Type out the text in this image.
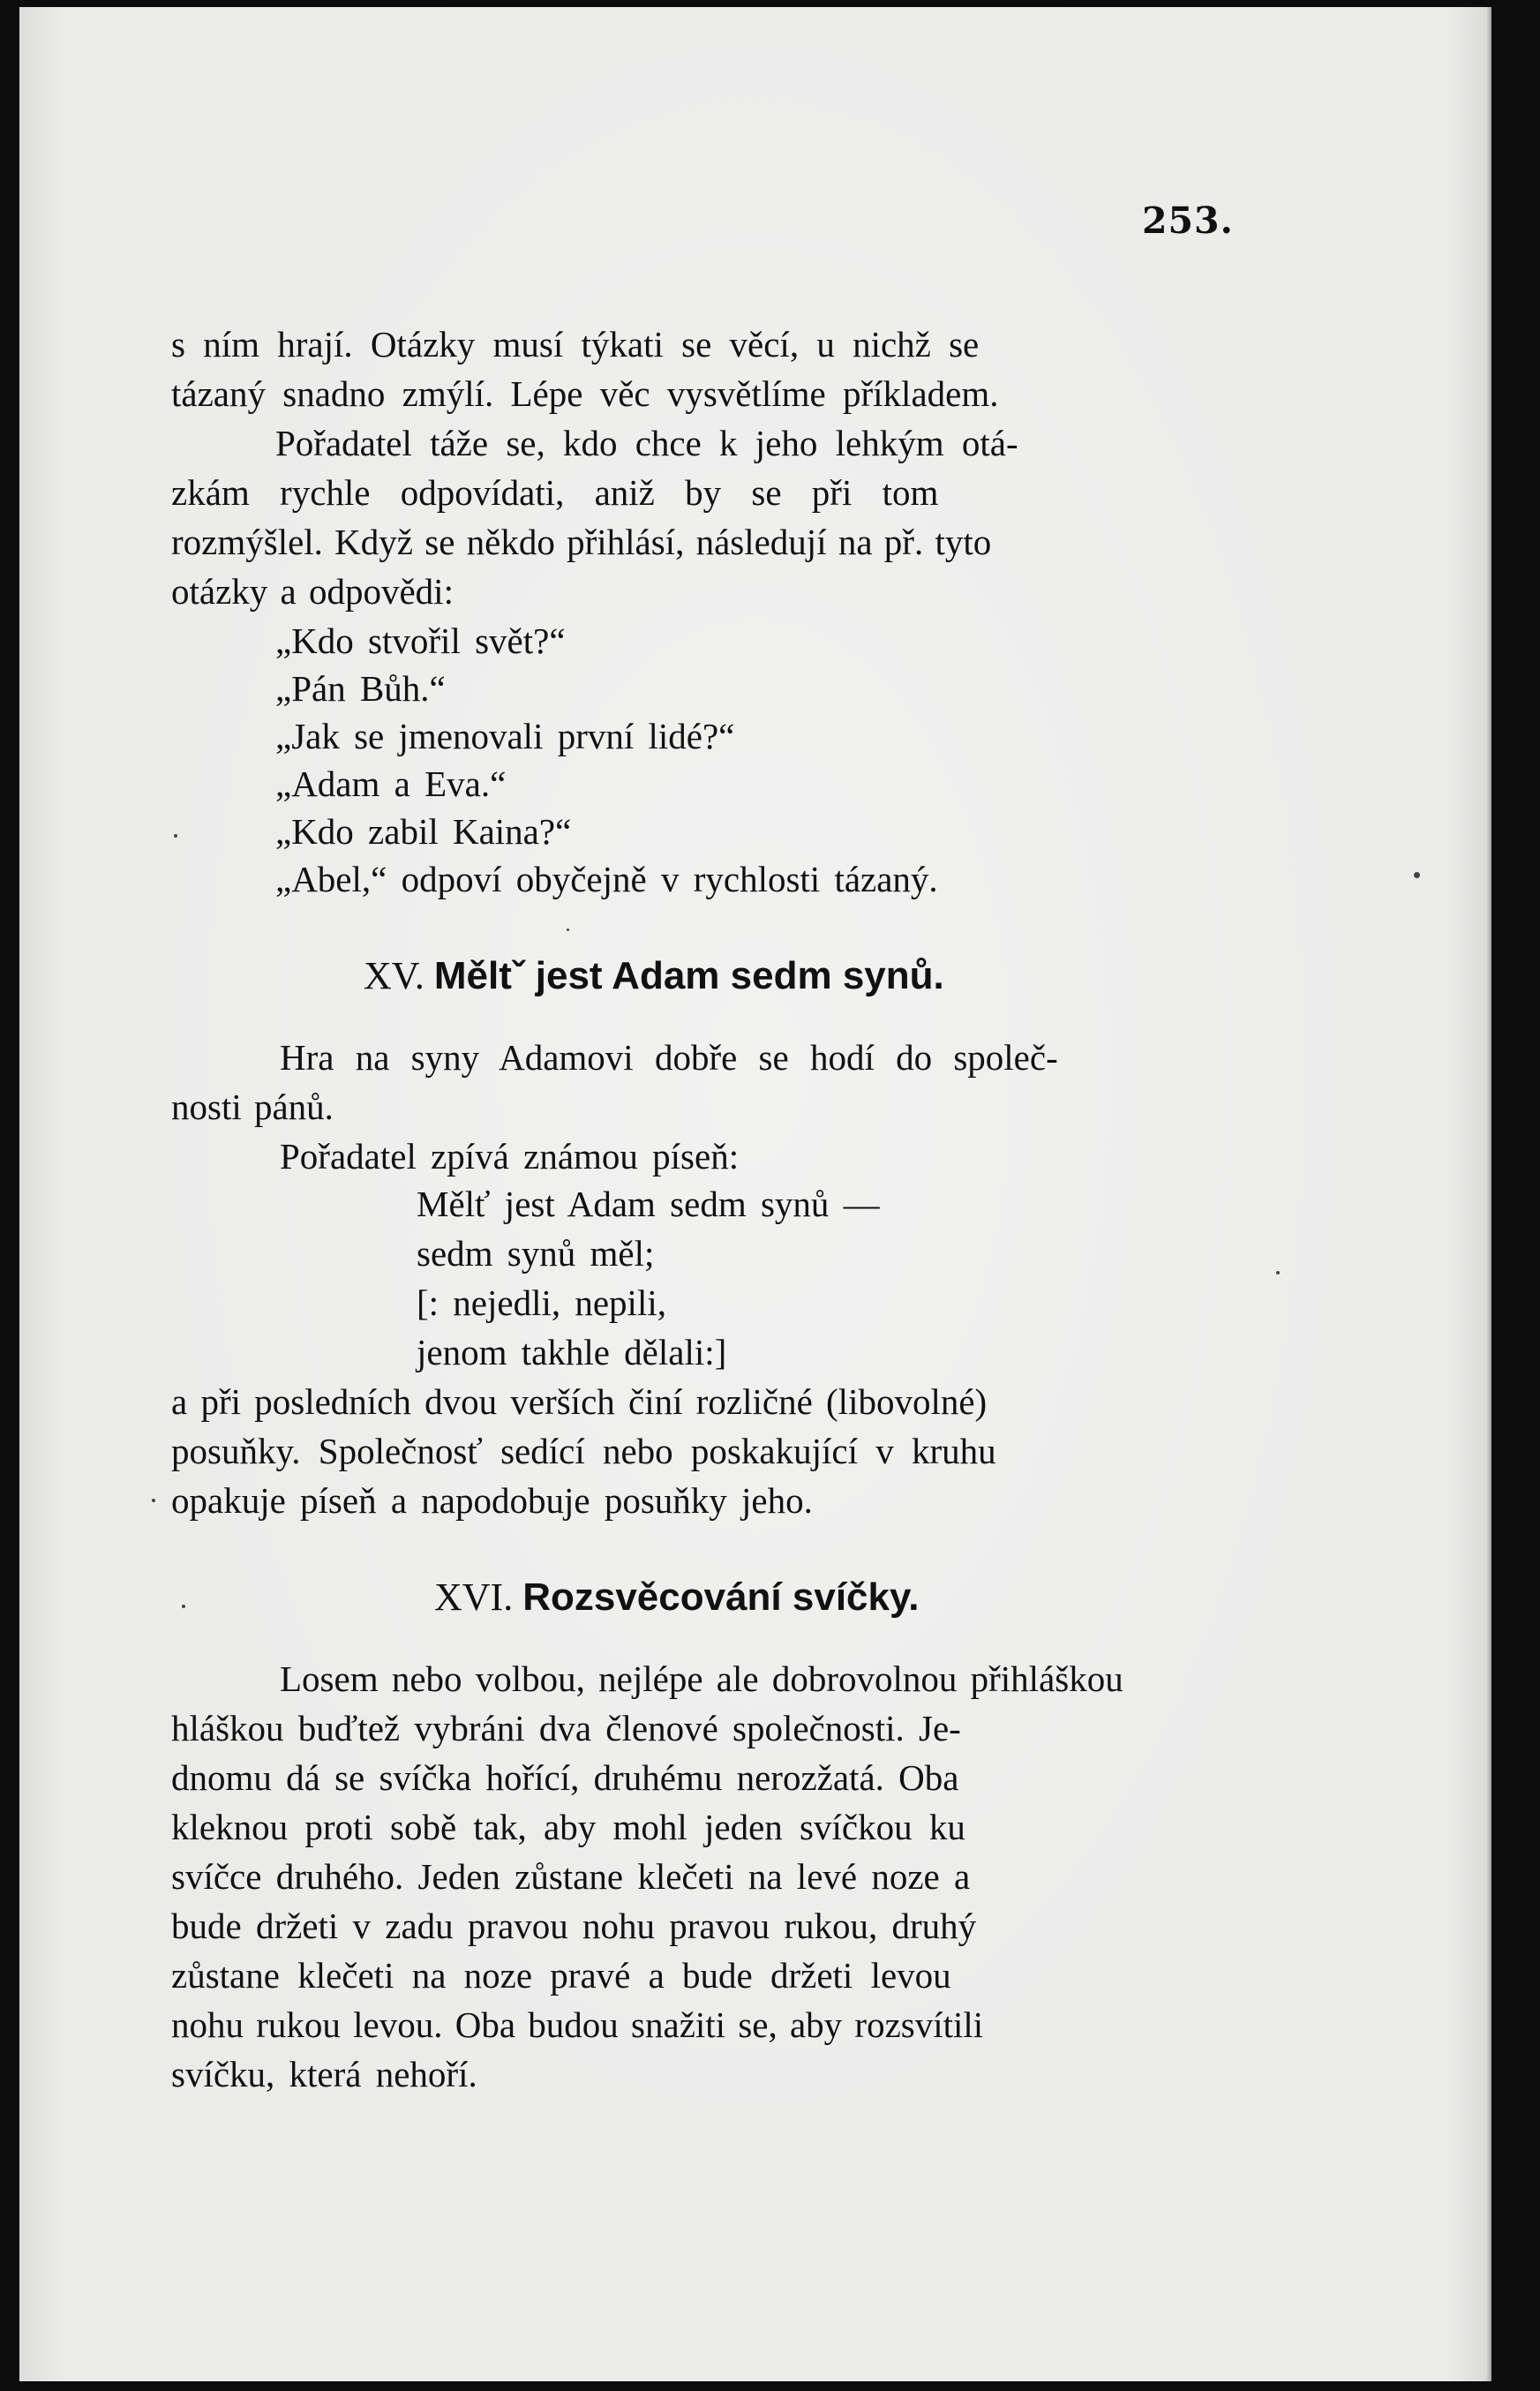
253.
s ním hrají. Otázky musí týkati se věcí, u nichž se
tázaný snadno zmýlí. Lépe věc vysvětlíme příkladem.
Pořadatel táže se, kdo chce k jeho lehkým otá-
zkám rychle odpovídati, aniž by se při tom
rozmýšlel. Když se někdo přihlásí, následují na př. tyto
otázky a odpovědi:
„Kdo stvořil svět?“
„Pán Bůh.“
„Jak se jmenovali první lidé?“
„Adam a Eva.“
„Kdo zabil Kaina?“
„Abel,“ odpoví obyčejně v rychlosti tázaný.
XV. Měltˇ jest Adam sedm synů.
Hra na syny Adamovi dobře se hodí do společ-
nosti pánů.
Pořadatel zpívá známou píseň:
Mělť jest Adam sedm synů —
sedm synů měl;
[: nejedli, nepili,
jenom takhle dělali:]
a při posledních dvou verších činí rozličné (libovolné)
posuňky. Společnosť sedící nebo poskakující v kruhu
opakuje píseň a napodobuje posuňky jeho.
XVI. Rozsvěcování svíčky.
Losem nebo volbou, nejlépe ale dobrovolnou přihláškou
hláškou buďtež vybráni dva členové společnosti. Je-
dnomu dá se svíčka hořící, druhému nerozžatá. Oba
kleknou proti sobě tak, aby mohl jeden svíčkou ku
svíčce druhého. Jeden zůstane klečeti na levé noze a
bude držeti v zadu pravou nohu pravou rukou, druhý
zůstane klečeti na noze pravé a bude držeti levou
nohu rukou levou. Oba budou snažiti se, aby rozsvítili
svíčku, která nehoří.
